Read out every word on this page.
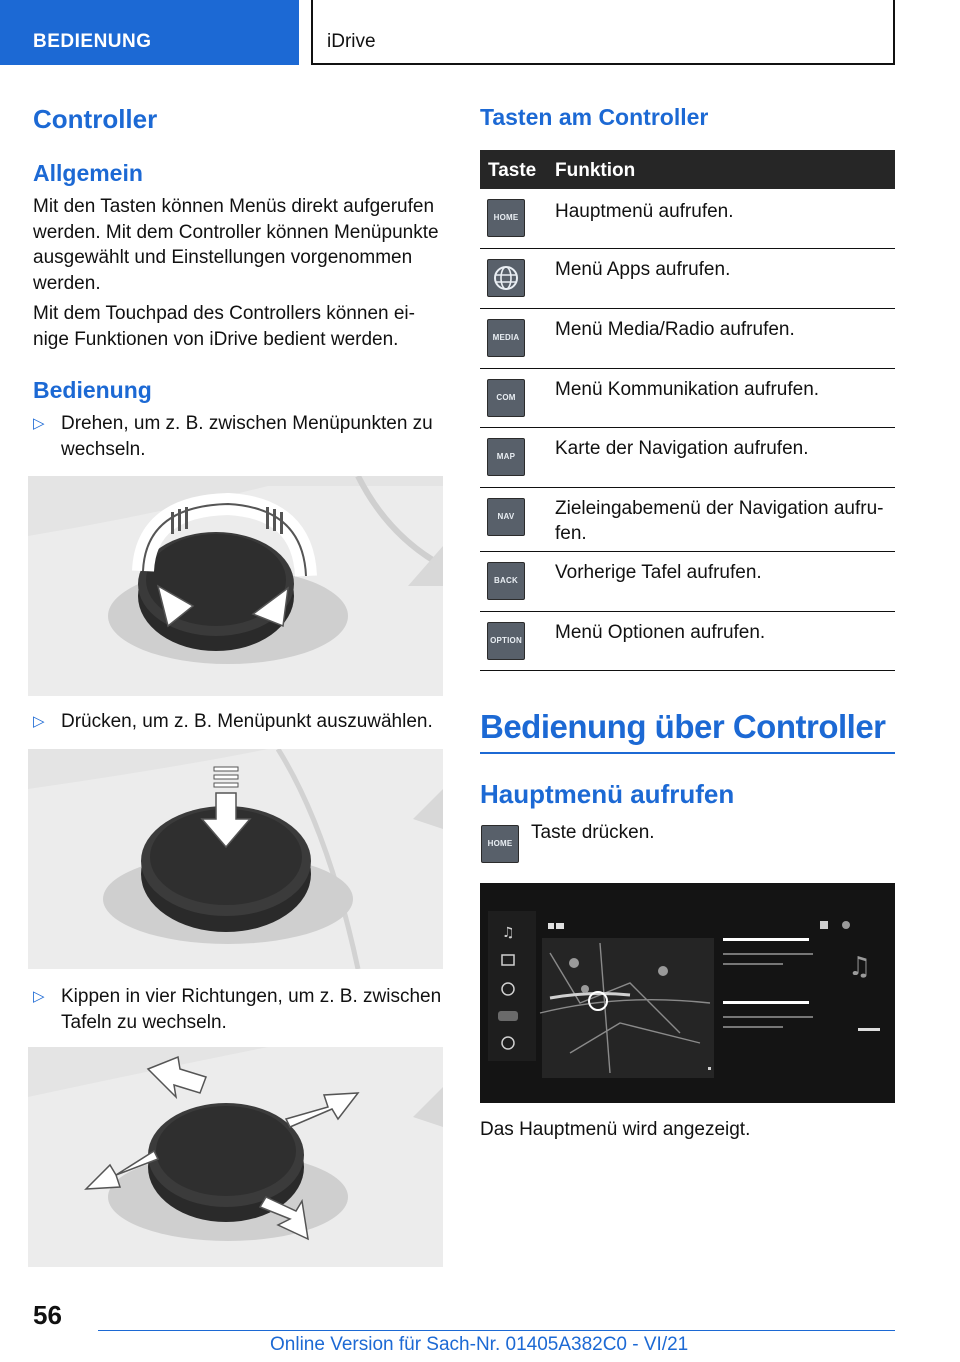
BEDIENUNG	iDrive
Controller
Allgemein
Mit den Tasten können Menüs direkt aufgerufen
werden. Mit dem Controller können Menüpunkte
ausgewählt und Einstellungen vorgenommen
werden.
Mit dem Touchpad des Controllers können ei‐
nige Funktionen von iDrive bedient werden.
Bedienung
▷ Drehen, um z. B. zwischen Menüpunkten zu
wechseln.
▷ Drücken, um z. B. Menüpunkt auszuwählen.
▷ Kippen in vier Richtungen, um z. B. zwischen
Tafeln zu wechseln.
Tasten am Controller
Taste Funktion
HOME	Hauptmenü aufrufen.
Menü Apps aufrufen.
MEDIA Menü Media/Radio aufrufen.
COM	Menü Kommunikation aufrufen.
MAP	Karte der Navigation aufrufen.
NAV	Zieleingabemenü der Navigation aufru‐
fen.
BACK	Vorherige Tafel aufrufen.
OPTION Menü Optionen aufrufen.
Bedienung über Controller
Hauptmenü aufrufen
HOME
Taste drücken.
♫
♫
Das Hauptmenü wird angezeigt.
56
Online Version für Sach-Nr. 01405A382C0 - VI/21
